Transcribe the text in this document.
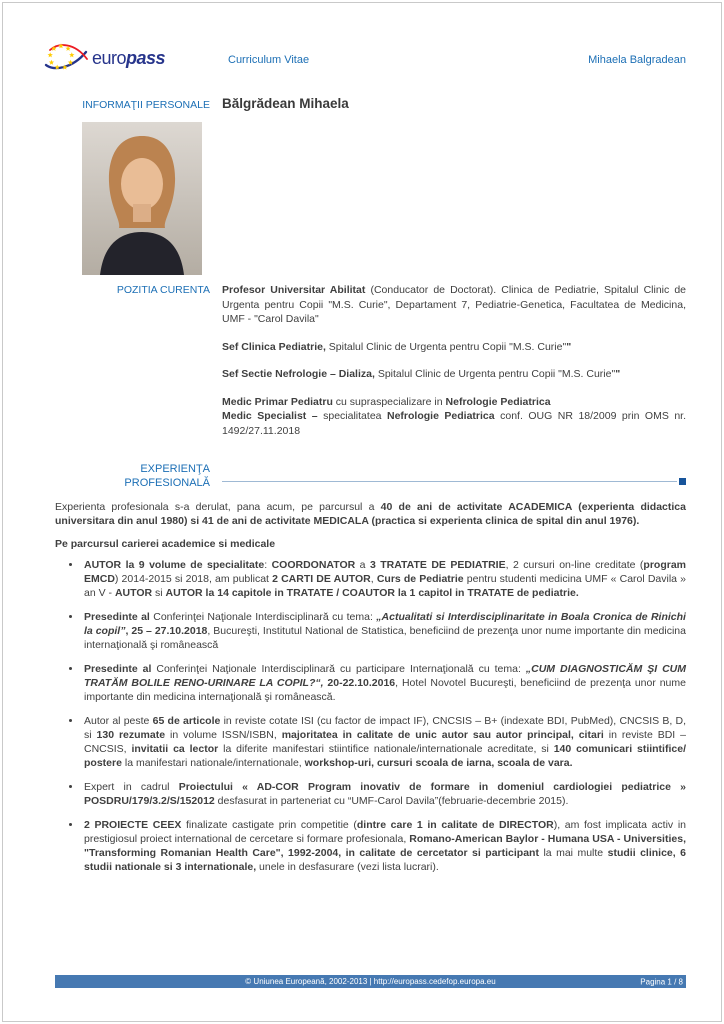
europass	Curriculum Vitae	Mihaela Balgradean
INFORMAŢII PERSONALE Bălgrădean Mihaela
POZITIA CURENTA	Profesor Universitar Abilitat (Conducator de Doctorat). Clinica de Pediatrie, Spitalul Clinic de Urgenta pentru Copii "M.S. Curie", Departament 7, Pediatrie-Genetica, Facultatea de Medicina, UMF - "Carol Davila"

Sef Clinica Pediatrie, Spitalul Clinic de Urgenta pentru Copii "M.S. Curie""

Sef Sectie Nefrologie – Dializa, Spitalul Clinic de Urgenta pentru Copii "M.S. Curie""

Medic Primar Pediatru cu supraspecializare in Nefrologie Pediatrica
Medic Specialist – specialitatea Nefrologie Pediatrica conf. OUG NR 18/2009 prin OMS nr. 1492/27.11.2018

EXPERIENŢA PROFESIONALĂ

Experienta profesionala s-a derulat, pana acum, pe parcursul a 40 de ani de activitate ACADEMICA (experienta didactica universitara din anul 1980) si 41 de ani de activitate MEDICALA (practica si experienta clinica de spital din anul 1976).

Pe parcursul carierei academice si medicale

• AUTOR la 9 volume de specialitate: COORDONATOR a 3 TRATATE DE PEDIATRIE, 2 cursuri on-line creditate (program EMCD) 2014-2015 si 2018, am publicat 2 CARTI DE AUTOR, Curs de Pediatrie pentru studenti medicina UMF « Carol Davila » an V - AUTOR si AUTOR la 14 capitole in TRATATE / COAUTOR la 1 capitol in TRATATE de pediatrie.
• Presedinte al Conferinţei Naţionale Interdisciplinară cu tema: „Actualitati si Interdisciplinaritate in Boala Cronica de Rinichi la copil”, 25 – 27.10.2018, Bucureşti, Institutul National de Statistica, beneficiind de prezenţa unor nume importante din medicina internaţională şi românească
• Presedinte al Conferinţei Naţionale Interdisciplinară cu participare Internaţională cu tema: „CUM DIAGNOSTICĂM ŞI CUM TRATĂM BOLILE RENO-URINARE LA COPIL?“, 20-22.10.2016, Hotel Novotel Bucureşti, beneficiind de prezenţa unor nume importante din medicina internaţională şi românească.
• Autor al peste 65 de articole in reviste cotate ISI (cu factor de impact IF), CNCSIS – B+ (indexate BDI, PubMed), CNCSIS B, D, si 130 rezumate in volume ISSN/ISBN, majoritatea in calitate de unic autor sau autor principal, citari in reviste BDI – CNCSIS, invitatii ca lector la diferite manifestari stiintifice nationale/internationale acreditate, si 140 comunicari stiintifice/ postere la manifestari nationale/internationale, workshop-uri, cursuri scoala de iarna, scoala de vara.
• Expert in cadrul Proiectului « AD-COR Program inovativ de formare in domeniul cardiologiei pediatrice » POSDRU/179/3.2/S/152012 desfasurat in parteneriat cu “UMF-Carol Davila”(februarie-decembrie 2015).
• 2 PROIECTE CEEX finalizate castigate prin competitie (dintre care 1 in calitate de DIRECTOR), am fost implicata activ in prestigiosul proiect international de cercetare si formare profesionala, Romano-American Baylor - Humana USA - Universities, "Transforming Romanian Health Care", 1992-2004, in calitate de cercetator si participant la mai multe studii clinice, 6 studii nationale si 3 internationale, unele in desfasurare (vezi lista lucrari).
© Uniunea Europeană, 2002-2013 | http://europass.cedefop.europa.eu	Pagina 1 / 8
